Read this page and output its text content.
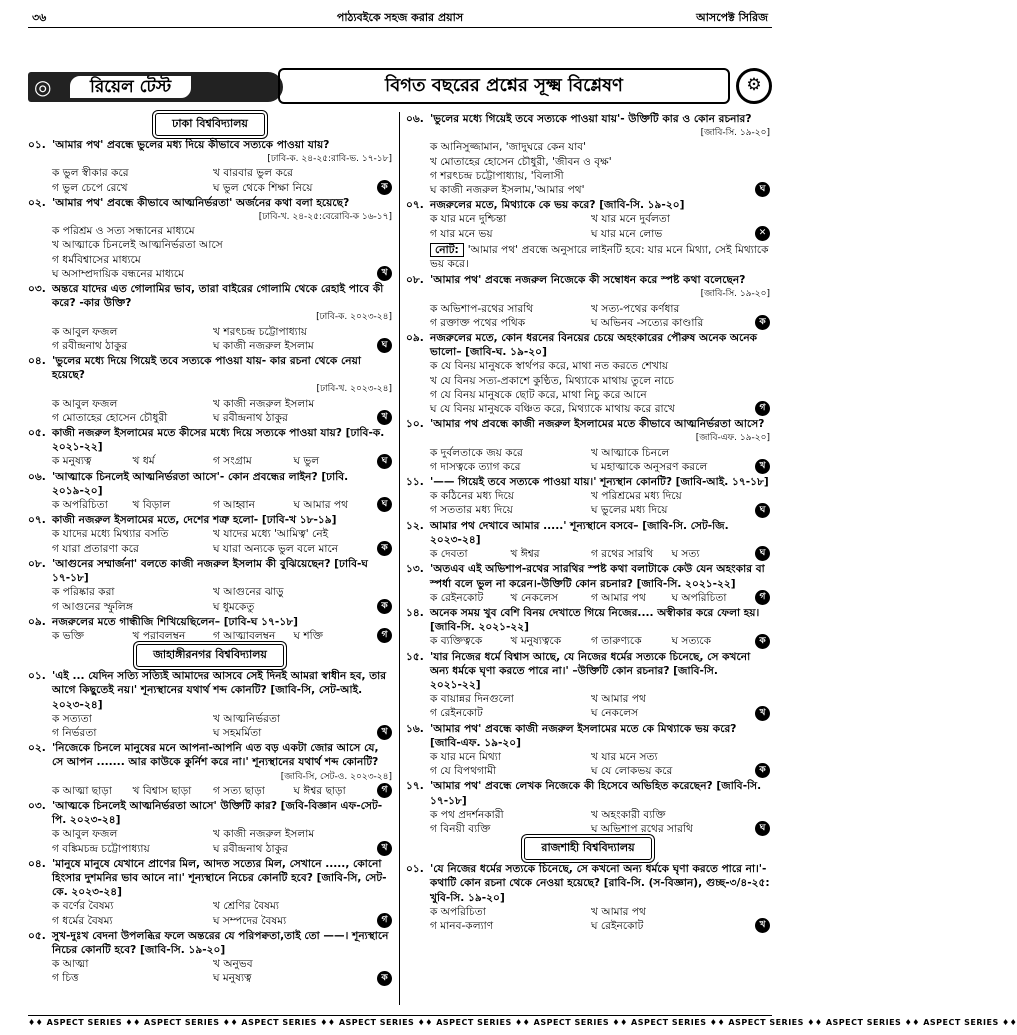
৩৬	পাঠ্যবইকে সহজ করার প্রয়াস	আসপেক্ট সিরিজ
◎	রিয়েল টেস্ট	বিগত বছরের প্রশ্নের সূক্ষ্ম বিশ্লেষণ	⚙
ঢাকা বিশ্ববিদ্যালয়
০১. 'আমার পথ' প্রবন্ধে ভুলের মধ্য দিয়ে কীভাবে সত্যকে পাওয়া যায়?
[ঢাবি-ক. ২৪-২৫:রাবি-ভ. ১৭-১৮]
ক ভুল স্বীকার করে	খ বারবার ভুল করে
গ ভুল চেপে রেখে	ঘ ভুল থেকে শিক্ষা নিয়ে	ক
০২. 'আমার পথ' প্রবন্ধে কীভাবে আত্মনির্ভরতা' অর্জনের কথা বলা হয়েছে?
[ঢাবি-খ. ২৪-২৫:বেরোবি-ক ১৬-১৭]
ক পরিশ্রম ও সত্য সন্ধানের মাধ্যমে
খ আত্মাকে চিনলেই আত্মনির্ভরতা আসে
গ ধর্মবিশ্বাসের মাধ্যমে
ঘ অসাম্প্রদায়িক বন্ধনের মাধ্যমে	খ
০৩. অন্তরে যাদের এত গোলামির ভাব, তারা বাইরের গোলামি থেকে রেহাই পাবে কী করে? -কার উক্তি?
[ঢাবি-ক. ২০২৩-২৪]
ক আবুল ফজল	খ শরৎচন্দ্র চট্টোপাধ্যায়
গ রবীন্দ্রনাথ ঠাকুর	ঘ কাজী নজরুল ইসলাম	ঘ
০৪. 'ভুলের মধ্যে দিয়ে গিয়েই তবে সত্যকে পাওয়া যায়- কার রচনা থেকে নেয়া হয়েছে?
[ঢাবি-খ. ২০২৩-২৪]
ক আবুল ফজল	খ কাজী নজরুল ইসলাম
গ মোতাহের হোসেন চৌধুরী	ঘ রবীন্দ্রনাথ ঠাকুর	খ
০৫. কাজী নজরুল ইসলামের মতে কীসের মধ্যে দিয়ে সত্যকে পাওয়া যায়? [ঢাবি-ক. ২০২১-২২]
ক মনুষ্যত্ব	খ ধর্ম	গ সংগ্রাম	ঘ ভুল	ঘ
০৬. 'আত্মাকে চিনলেই আত্মনির্ভরতা আসে'- কোন প্রবন্ধের লাইন? [ঢাবি. ২০১৯-২০]
ক অপরিচিতা	খ বিড়াল	গ আহ্বান	ঘ আমার পথ	ঘ
০৭. কাজী নজরুল ইসলামের মতে, দেশের শত্রু হলো- [ঢাবি-খ ১৮-১৯]
ক যাদের মধ্যে মিথ্যার বসতি	খ যাদের মধ্যে 'আমিত্ব' নেই
গ যারা প্রতারণা করে	ঘ যারা অন্যকে ভুল বলে মানে	ক
০৮. 'আগুনের সম্মার্জনা' বলতে কাজী নজরুল ইসলাম কী বুঝিয়েছেন? [ঢাবি-ঘ ১৭-১৮]
ক পরিষ্কার করা	খ আগুনের ঝাড়ু
গ আগুনের স্ফুলিঙ্গ	ঘ ধুমকেতু	ক
০৯. নজরুলের মতে গান্ধীজি শিখিয়েছিলেন– [ঢাবি-ঘ ১৭-১৮]
ক ভক্তি	খ পরাবলম্বন	গ আত্মাবলম্বন	ঘ শক্তি	গ
জাহাঙ্গীরনগর বিশ্ববিদ্যালয়
০১. 'এই ... যেদিন সত্যি সত্যিই আমাদের আসবে সেই দিনই আমরা স্বাধীন হব, তার আগে কিছুতেই নয়।' শূন্যস্থানের যথার্থ শব্দ কোনটি? [জাবি-সি, সেট-আই. ২০২৩-২৪]
ক সত্যতা	খ আত্মনির্ভরতা
গ নির্ভরতা	ঘ সহমর্মিতা	খ
০২. 'নিজেকে চিনলে মানুষের মনে আপনা-আপনি এত বড় একটা জোর আসে যে, সে আপন ....... আর কাউকে কুর্নিশ করে না।' শূন্যস্থানের যথার্থ শব্দ কোনটি?
[জাবি-সি, সেট-ও. ২০২৩-২৪]
ক আত্মা ছাড়া	খ বিশ্বাস ছাড়া	গ সত্য ছাড়া	ঘ ঈশ্বর ছাড়া	গ
০৩. 'আত্মকে চিনলেই আত্মনির্ভরতা আসে' উক্তিটি কার? [জবি-বিজ্ঞান এফ-সেট-পি. ২০২৩-২৪]
ক আবুল ফজল	খ কাজী নজরুল ইসলাম
গ বঙ্কিমচন্দ্র চট্টোপাধ্যায়	ঘ রবীন্দ্রনাথ ঠাকুর	খ
০৪. 'মানুষে মানুষে যেখানে প্রাণের মিল, আদত সত্যের মিল, সেখানে ....., কোনো হিংসার দুশমনির ভাব আনে না।' শূন্যস্থানে নিচের কোনটি হবে? [জাবি-সি, সেট-কে. ২০২৩-২৪]
ক বর্ণের বৈষম্য	খ শ্রেণির বৈষম্য
গ ধর্মের বৈষম্য	ঘ সম্পদের বৈষম্য	গ
০৫. সুখ-দুঃখ বেদনা উপলব্ধির ফলে অন্তরের যে পরিপক্বতা,তাই তো ——। শূন্যস্থানে নিচের কোনটি হবে? [জাবি-সি. ১৯-২০]
ক আত্মা	খ অনুভব
গ চিত্ত	ঘ মনুষ্যত্ব	ক
০৬. 'ভুলের মধ্যে গিয়েই তবে সত্যকে পাওয়া যায়'- উক্তিটি কার ও কোন রচনার?
[জাবি-সি. ১৯-২০]
ক আনিসুজ্জামান, 'জাদুঘরে কেন যাব'
খ মোতাহের হোসেন চৌধুরী, 'জীবন ও বৃক্ষ'
গ শরৎচন্দ্র চট্টোপাধ্যায়, 'বিলাসী
ঘ কাজী নজরুল ইসলাম,'আমার পথ'	ঘ
০৭. নজরুলের মতে, মিথ্যাকে কে ভয় করে? [জাবি-সি. ১৯-২০]
ক যার মনে দুশ্চিন্তা	খ যার মনে দুর্বলতা
গ যার মনে ভয়	ঘ যার মনে লোভ	✕
নোট: 'আমার পথ' প্রবন্ধে অনুসারে লাইনটি হবে: যার মনে মিথ্যা, সেই মিথ্যাকে ভয় করে।
০৮. 'আমার পথ' প্রবন্ধে নজরুল নিজেকে কী সম্বোধন করে স্পষ্ট কথা বলেছেন?
[জাবি-সি. ১৯-২০]
ক অভিশাপ-রথের সারথি	খ সত্য-পথের কর্ণধার
গ রক্তাক্ত পথের পথিক	ঘ অভিনব -সত্যের কাণ্ডারি	ক
০৯. নজরুলের মতে, কোন ধরনের বিনয়ের চেয়ে অহংকারের পৌরুষ অনেক অনেক ভালো– [জাবি-ঘ. ১৯-২০]
ক যে বিনয় মানুষকে স্বার্থপর করে, মাথা নত করতে শেখায়
খ যে বিনয় সত্য-প্রকাশে কুণ্ঠিত, মিথ্যাকে মাথায় তুলে নাচে
গ যে বিনয় মানুষকে ছোট করে, মাথা নিচু করে আনে
ঘ যে বিনয় মানুষকে বঞ্চিত করে, মিথ্যাকে মাথায় করে রাখে	গ
১০. 'আমার পথ প্রবন্ধে কাজী নজরুল ইসলামের মতে কীভাবে আত্মনির্ভরতা আসে?
[জাবি-এফ. ১৯-২০]
ক দুর্বলতাকে জয় করে	খ আত্মাকে চিনলে
গ দাসত্বকে ত্যাগ করে	ঘ মহাত্মাকে অনুসরণ করলে	খ
১১. '—— গিয়েই তবে সত্যকে পাওয়া যায়।' শূন্যস্থান কোনটি? [জাবি-আই. ১৭-১৮]
ক কঠিনের মধ্য দিয়ে	খ পরিশ্রমের মধ্য দিয়ে
গ সততার মধ্য দিয়ে	ঘ ভুলের মধ্য দিয়ে	ঘ
১২. আমার পথ দেখাবে আমার .....' শূন্যস্থানে বসবে– [জাবি-সি. সেট-জি. ২০২৩-২৪]
ক দেবতা	খ ঈশ্বর	গ রথের সারথি	ঘ সত্য	ঘ
১৩. 'অতএব এই অভিশাপ-রথের সারথির স্পষ্ট কথা বলাটাকে কেউ যেন অহংকার বা স্পর্ধা বলে ভুল না করেন।-উক্তিটি কোন রচনার? [জাবি-সি. ২০২১-২২]
ক রেইনকোট	খ নেকলেস	গ আমার পথ	ঘ অপরিচিতা	গ
১৪. অনেক সময় খুব বেশি বিনয় দেখাতে গিয়ে নিজের.... অস্বীকার করে ফেলা হয়। [জাবি-সি. ২০২১-২২]
ক ব্যক্তিত্বকে	খ মনুষ্যত্বকে	গ তারুণ্যকে	ঘ সত্যকে	ক
১৫. 'যার নিজের ধর্মে বিশ্বাস আছে, যে নিজের ধর্মের সত্যকে চিনেছে, সে কখনো অন্য ধর্মকে ঘৃণা করতে পারে না।' –উক্তিটি কোন রচনার? [জাবি-সি. ২০২১-২২]
ক বায়ান্নর দিনগুলো	খ আমার পথ
গ রেইনকোট	ঘ নেকলেস	খ
১৬. 'আমার পথ' প্রবন্ধে কাজী নজরুল ইসলামের মতে কে মিথ্যাকে ভয় করে? [জাবি-এফ. ১৯-২০]
ক যার মনে মিথ্যা	খ যার মনে সত্য
গ যে বিপথগামী	ঘ যে লোকভয় করে	ক
১৭. 'আমার পথ' প্রবন্ধে লেখক নিজেকে কী হিসেবে অভিহিত করেছেন? [জাবি-সি. ১৭-১৮]
ক পথ প্রদর্শনকারী	খ অহংকারী ব্যক্তি
গ বিনয়ী ব্যক্তি	ঘ অভিশাপ রথের সারথি	ঘ
রাজশাহী বিশ্ববিদ্যালয়
০১. 'যে নিজের ধর্মের সত্যকে চিনেছে, সে কখনো অন্য ধর্মকে ঘৃণা করতে পারে না।'-কথাটি কোন রচনা থেকে নেওয়া হয়েছে? [রাবি-সি. (স-বিজ্ঞান), গুচ্ছ-৩/৪-২৫: খুবি-সি. ১৯-২০]
ক অপরিচিতা	খ আমার পথ
গ মানব-কল্যাণ	ঘ রেইনকোট	খ
♦♦ ASPECT SERIES ♦♦ ASPECT SERIES ♦♦ ASPECT SERIES ♦♦ ASPECT SERIES ♦♦ ASPECT SERIES ♦♦ ASPECT SERIES ♦♦ ASPECT SERIES ♦♦ ASPECT SERIES ♦♦ ASPECT SERIES ♦♦ ASPECT SERIES ♦♦
